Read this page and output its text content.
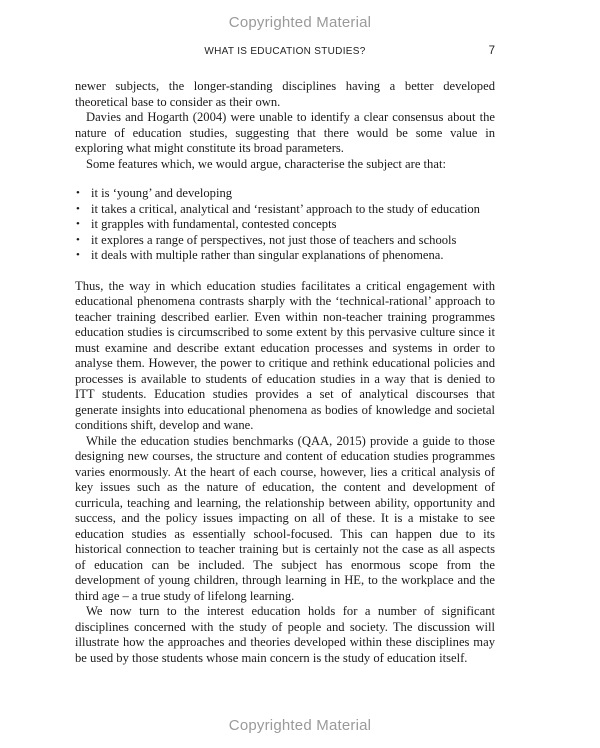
Copyrighted Material
WHAT IS EDUCATION STUDIES?	7

newer subjects, the longer-standing disciplines having a better developed theoretical base to consider as their own.

Davies and Hogarth (2004) were unable to identify a clear consensus about the nature of education studies, suggesting that there would be some value in exploring what might constitute its broad parameters.

Some features which, we would argue, characterise the subject are that:

• it is ‘young’ and developing
• it takes a critical, analytical and ‘resistant’ approach to the study of education
• it grapples with fundamental, contested concepts
• it explores a range of perspectives, not just those of teachers and schools
• it deals with multiple rather than singular explanations of phenomena.

Thus, the way in which education studies facilitates a critical engagement with educational phenomena contrasts sharply with the ‘technical-rational’ approach to teacher training described earlier. Even within non-teacher training programmes education studies is circumscribed to some extent by this pervasive culture since it must examine and describe extant education processes and systems in order to analyse them. However, the power to critique and rethink educational policies and processes is available to students of education studies in a way that is denied to ITT students. Education studies provides a set of analytical discourses that generate insights into educational phenomena as bodies of knowledge and societal conditions shift, develop and wane.

While the education studies benchmarks (QAA, 2015) provide a guide to those designing new courses, the structure and content of education studies programmes varies enormously. At the heart of each course, however, lies a critical analysis of key issues such as the nature of education, the content and development of curricula, teaching and learning, the relationship between ability, opportunity and success, and the policy issues impacting on all of these. It is a mistake to see education studies as essentially school-focused. This can happen due to its historical connection to teacher training but is certainly not the case as all aspects of education can be included. The subject has enormous scope from the development of young children, through learning in HE, to the workplace and the third age – a true study of lifelong learning.

We now turn to the interest education holds for a number of significant disciplines concerned with the study of people and society. The discussion will illustrate how the approaches and theories developed within these disciplines may be used by those students whose main concern is the study of education itself.

Copyrighted Material
